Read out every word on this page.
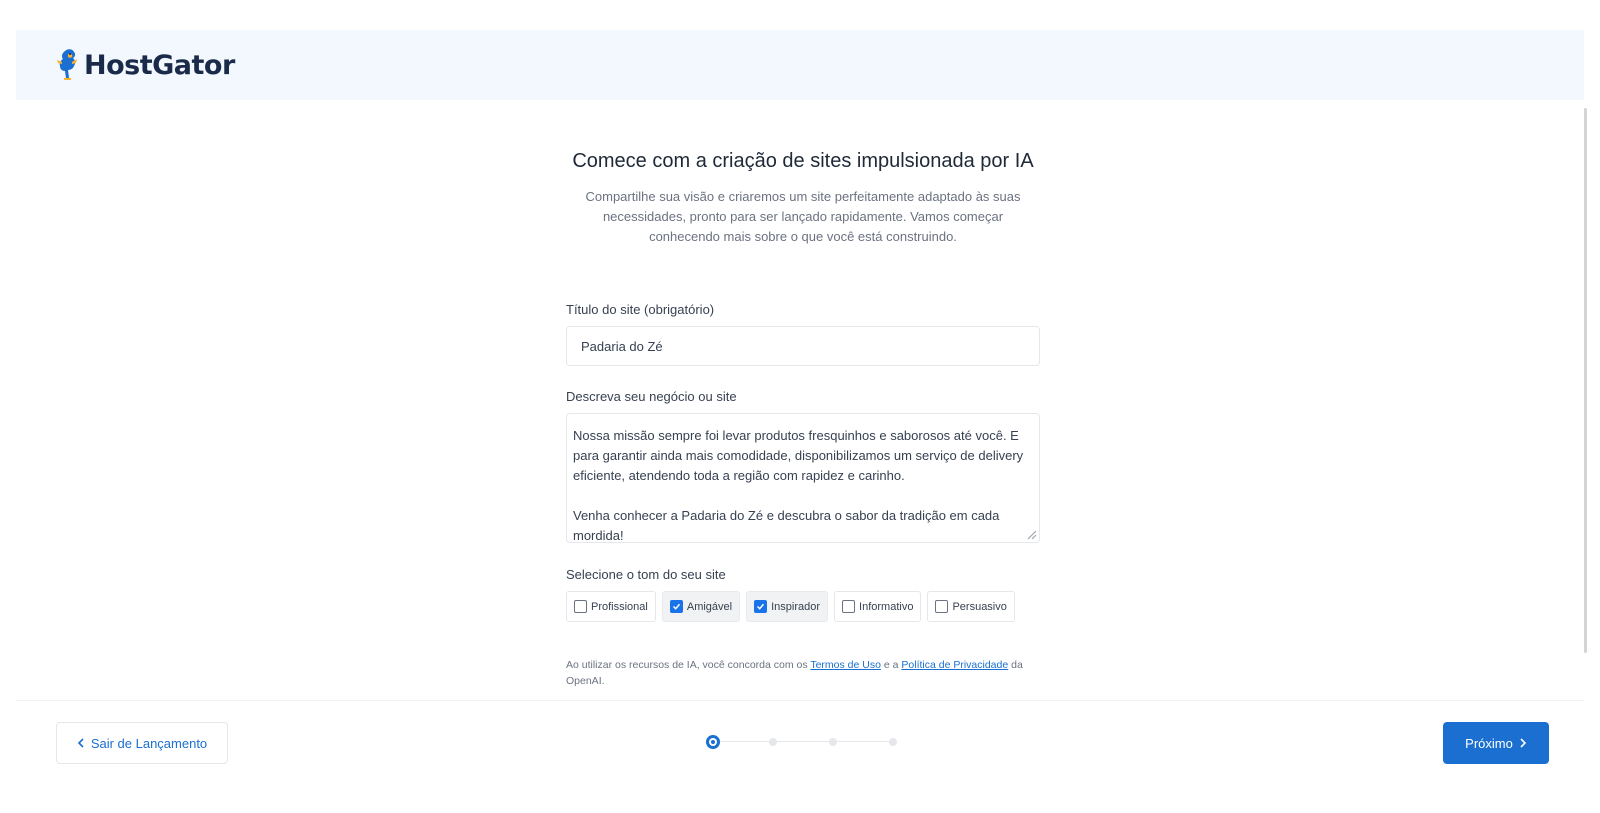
HostGator
Comece com a criação de sites impulsionada por IA

Compartilhe sua visão e criaremos um site perfeitamente adaptado às suas necessidades, pronto para ser lançado rapidamente. Vamos começar conhecendo mais sobre o que você está construindo.

Título do site (obrigatório)
Padaria do Zé
Descreva seu negócio ou site

Nossa missão sempre foi levar produtos fresquinhos e saborosos até você. E para garantir ainda mais comodidade, disponibilizamos um serviço de delivery eficiente, atendendo toda a região com rapidez e carinho.

Venha conhecer a Padaria do Zé e descubra o sabor da tradição em cada mordida!

Selecione o tom do seu site
Profissional	Amigável	Inspirador	Informativo	Persuasivo

Ao utilizar os recursos de IA, você concorda com os Termos de Uso e a Política de Privacidade da OpenAI.

Sair de Lançamento	Próximo
